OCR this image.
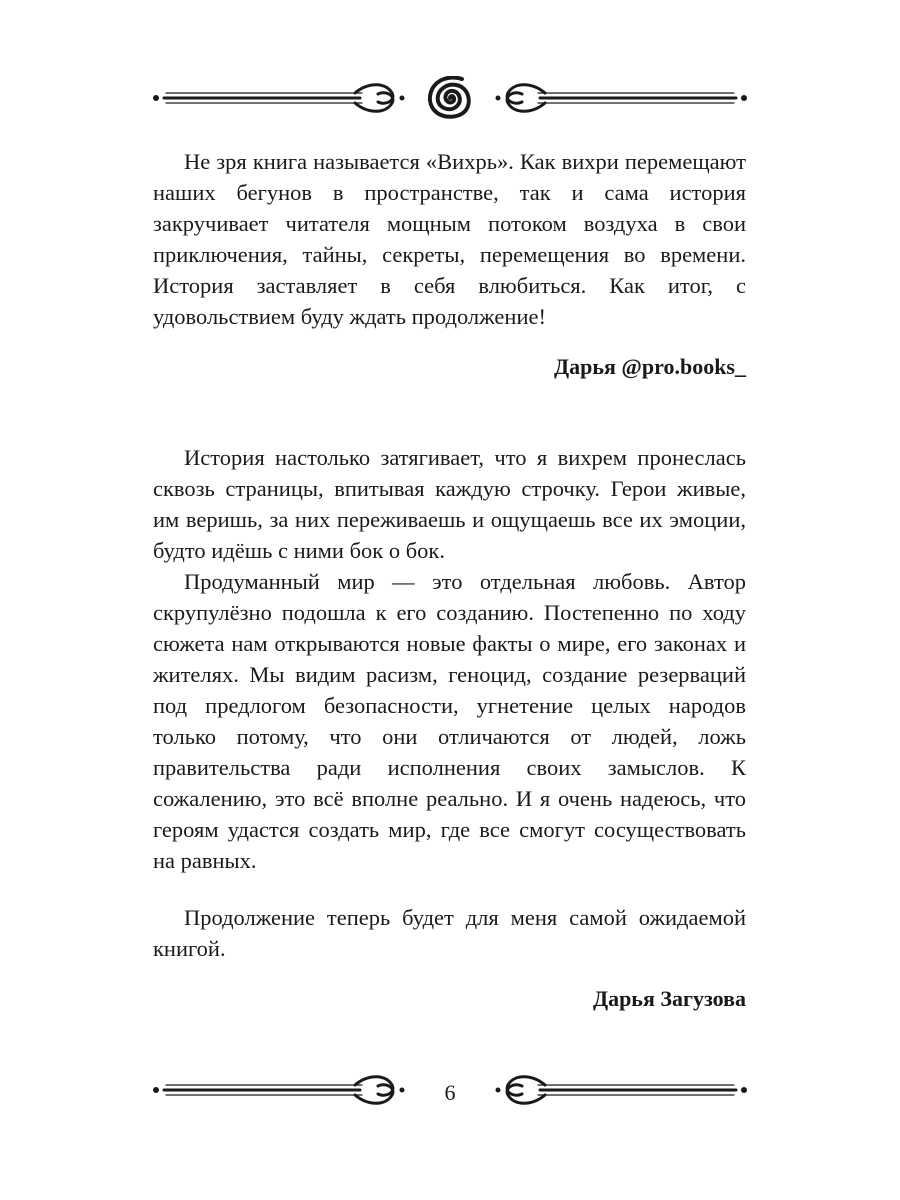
Не зря книга называется «Вихрь». Как вихри перемещают наших бегунов в пространстве, так и сама история закручивает читателя мощным потоком воздуха в свои приключения, тайны, секреты, перемещения во времени. История заставляет в себя влюбиться. Как итог, с удовольствием буду ждать продолжение!

Дарья @pro.books_

История настолько затягивает, что я вихрем пронеслась сквозь страницы, впитывая каждую строчку. Герои живые, им веришь, за них переживаешь и ощущаешь все их эмоции, будто идёшь с ними бок о бок.

Продуманный мир — это отдельная любовь. Автор скрупулёзно подошла к его созданию. Постепенно по ходу сюжета нам открываются новые факты о мире, его законах и жителях. Мы видим расизм, геноцид, создание резерваций под предлогом безопасности, угнетение целых народов только потому, что они отличаются от людей, ложь правительства ради исполнения своих замыслов. К сожалению, это всё вполне реально. И я очень надеюсь, что героям удастся создать мир, где все смогут сосуществовать на равных.

Продолжение теперь будет для меня самой ожидаемой книгой.

Дарья Загузова
6
